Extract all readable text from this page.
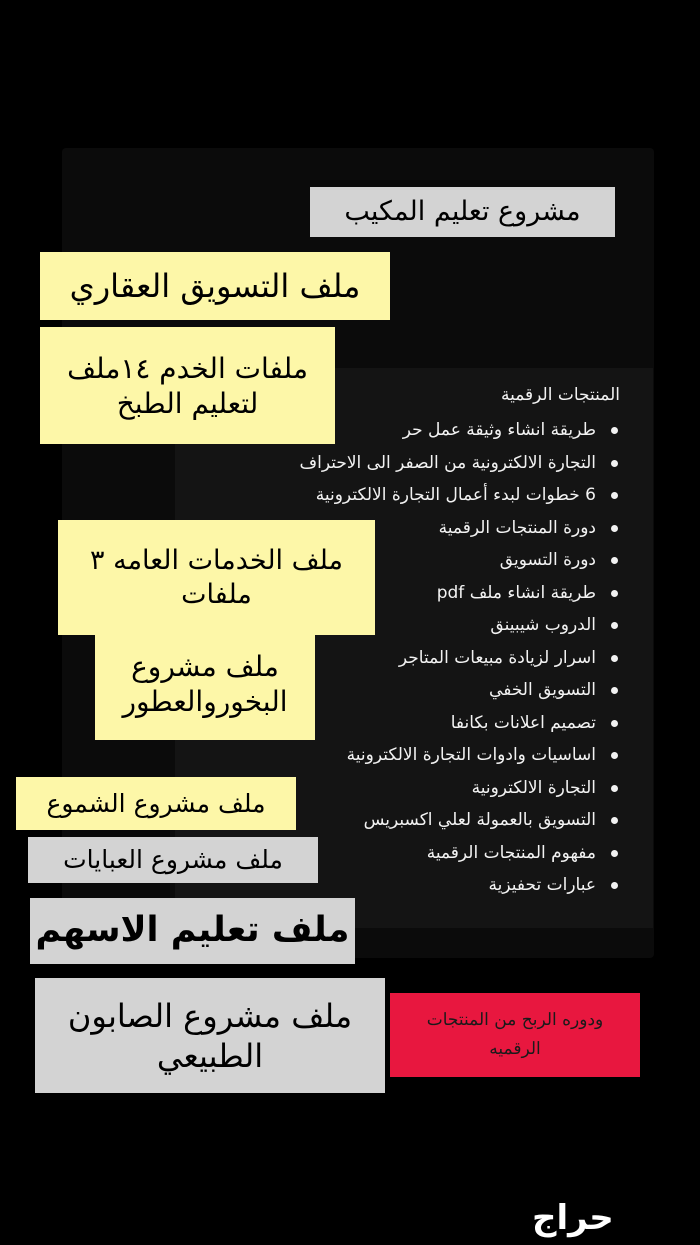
المنتجات الرقمية
طريقة انشاء وثيقة عمل حر
التجارة الالكترونية من الصفر الى الاحتراف
6 خطوات لبدء أعمال التجارة الالكترونية
دورة المنتجات الرقمية
دورة التسويق
طريقة انشاء ملف pdf
الدروب شيبينق
اسرار لزيادة مبيعات المتاجر
التسويق الخفي
تصميم اعلانات بكانفا
اساسيات وادوات التجارة الالكترونية
التجارة الالكترونية
التسويق بالعمولة لعلي اكسبريس
مفهوم المنتجات الرقمية
عبارات تحفيزية
مشروع تعليم المكيب
ملف التسويق العقاري
ملفات الخدم ١٤ملف
لتعليم الطبخ
ملف الخدمات العامه ٣
ملفات
ملف مشروع
البخوروالعطور
ملف مشروع الشموع
ملف مشروع العبايات
ملف تعليم الاسهم
ملف مشروع الصابون
الطبيعي
ودوره الربح من المنتجات
الرقميه
حراج
